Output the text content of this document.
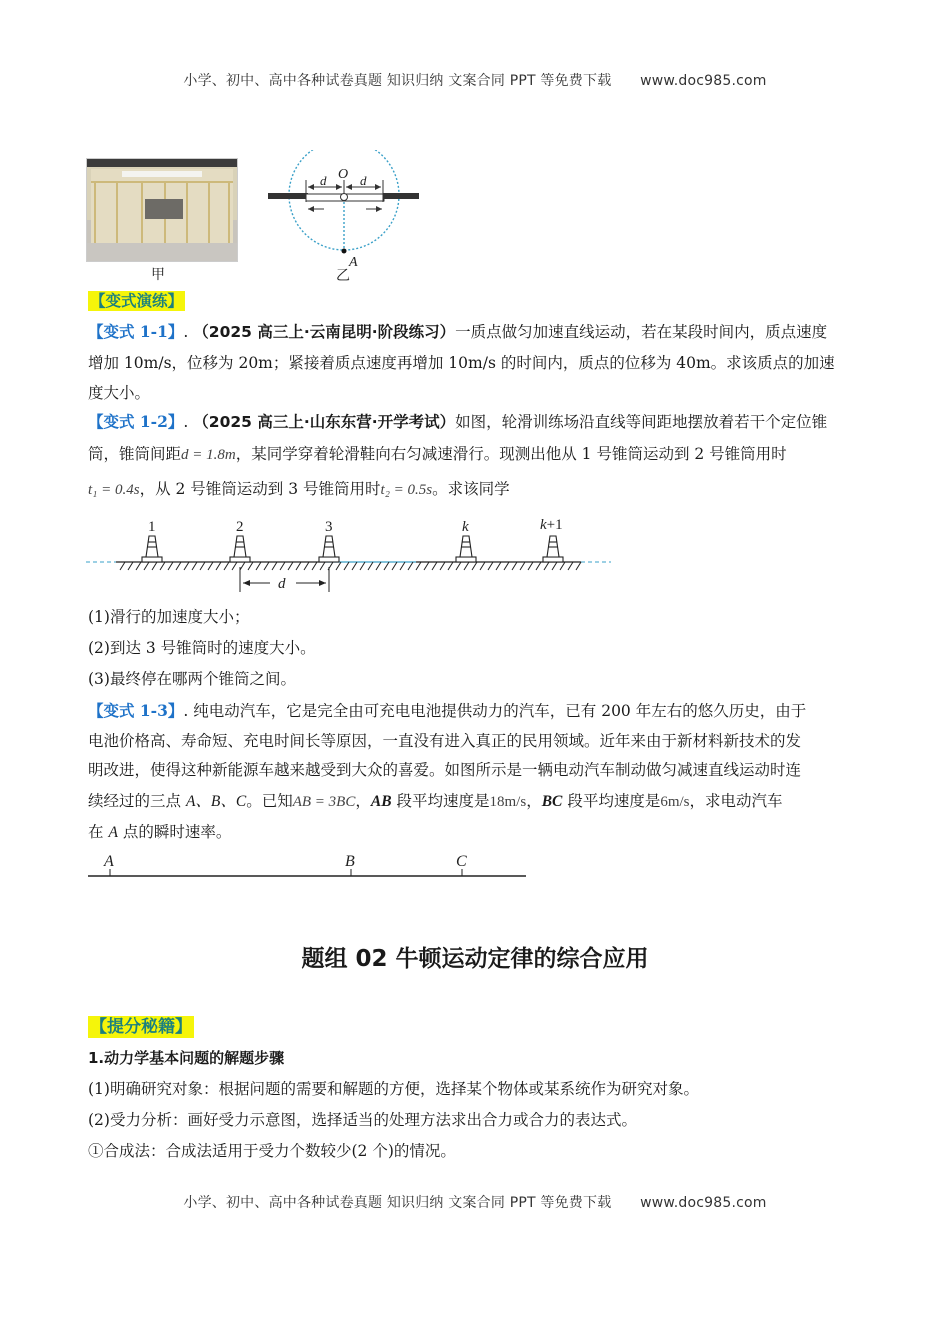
小学、初中、高中各种试卷真题 知识归纳 文案合同 PPT 等免费下载 www.doc985.com
甲
O
d	d
A
乙
【变式演练】
【变式 1-1】. （2025 高三上·云南昆明·阶段练习）一质点做匀加速直线运动，若在某段时间内，质点速度
增加 10m/s，位移为 20m；紧接着质点速度再增加 10m/s 的时间内，质点的位移为 40m。求该质点的加速
度大小。
【变式 1-2】. （2025 高三上·山东东营·开学考试）如图，轮滑训练场沿直线等间距地摆放着若干个定位锥
筒，锥筒间距d = 1.8m，某同学穿着轮滑鞋向右匀减速滑行。现测出他从 1 号锥筒运动到 2 号锥筒用时
t₁ = 0.4s，从 2 号锥筒运动到 3 号锥筒用时t₂ = 0.5s。求该同学
1	2	3	k	k+1
d
(1)滑行的加速度大小；
(2)到达 3 号锥筒时的速度大小。
(3)最终停在哪两个锥筒之间。
【变式 1-3】. 纯电动汽车，它是完全由可充电电池提供动力的汽车，已有 200 年左右的悠久历史，由于
电池价格高、寿命短、充电时间长等原因，一直没有进入真正的民用领域。近年来由于新材料新技术的发
明改进，使得这种新能源车越来越受到大众的喜爱。如图所示是一辆电动汽车制动做匀减速直线运动时连
续经过的三点 A、B、C。已知AB = 3BC，AB 段平均速度是18m/s，BC 段平均速度是6m/s，求电动汽车
在 A 点的瞬时速率。
A	B	C
题组 02 牛顿运动定律的综合应用
【提分秘籍】
1.动力学基本问题的解题步骤
(1)明确研究对象：根据问题的需要和解题的方便，选择某个物体或某系统作为研究对象。
(2)受力分析：画好受力示意图，选择适当的处理方法求出合力或合力的表达式。
①合成法：合成法适用于受力个数较少(2 个)的情况。
小学、初中、高中各种试卷真题 知识归纳 文案合同 PPT 等免费下载 www.doc985.com
